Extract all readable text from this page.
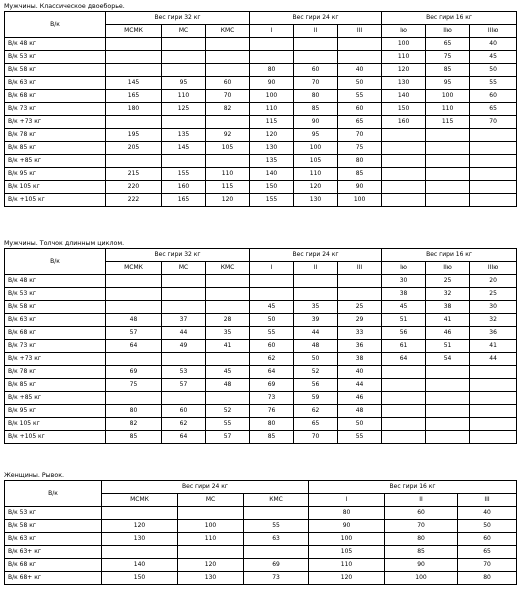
Мужчины. Классическое двоеборье.
В/к	Вес гири 32 кг			Вес гири 24 кг			Вес гири 16 кг		
	МСМК	МС	КМС	I	II	III	Iю	IIю	IIIю
В/к 48 кг							100	65	40
В/к 53 кг							110	75	45
В/к 58 кг				80	60	40	120	85	50
В/к 63 кг	145	95	60	90	70	50	130	95	55
В/к 68 кг	165	110	70	100	80	55	140	100	60
В/к 73 кг	180	125	82	110	85	60	150	110	65
В/к +73 кг				115	90	65	160	115	70
В/к 78 кг	195	135	92	120	95	70			
В/к 85 кг	205	145	105	130	100	75			
В/к +85 кг				135	105	80			
В/к 95 кг	215	155	110	140	110	85			
В/к 105 кг	220	160	115	150	120	90			
В/к +105 кг	222	165	120	155	130	100			
Мужчины. Толчок длинным циклом.
В/к	Вес гири 32 кг			Вес гири 24 кг			Вес гири 16 кг		
	МСМК	МС	КМС	I	II	III	Iю	IIю	IIIю
В/к 48 кг							30	25	20
В/к 53 кг							38	32	25
В/к 58 кг				45	35	25	45	38	30
В/к 63 кг	48	37	28	50	39	29	51	41	32
В/к 68 кг	57	44	35	55	44	33	56	46	36
В/к 73 кг	64	49	41	60	48	36	61	51	41
В/к +73 кг				62	50	38	64	54	44
В/к 78 кг	69	53	45	64	52	40			
В/к 85 кг	75	57	48	69	56	44			
В/к +85 кг				73	59	46			
В/к 95 кг	80	60	52	76	62	48			
В/к 105 кг	82	62	55	80	65	50			
В/к +105 кг	85	64	57	85	70	55			
Женщины. Рывок.
В/к	Вес гири 24 кг			Вес гири 16 кг		
	МСМК	МС	КМС	I	II	III
В/к 53 кг				80	60	40
В/к 58 кг	120	100	55	90	70	50
В/к 63 кг	130	110	63	100	80	60
В/к 63+ кг				105	85	65
В/к 68 кг	140	120	69	110	90	70
В/к 68+ кг	150	130	73	120	100	80
